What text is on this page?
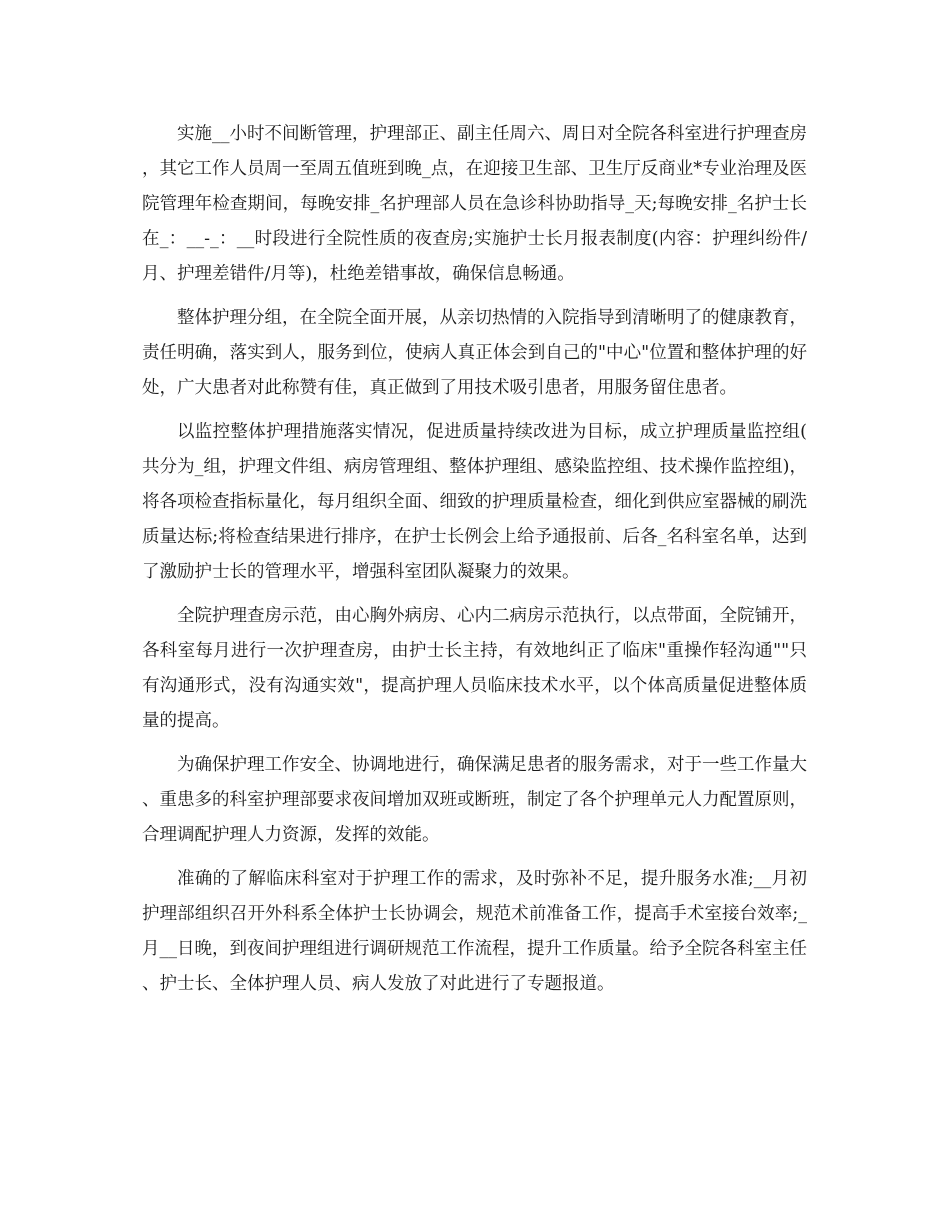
实施__小时不间断管理，护理部正、副主任周六、周日对全院各科室进行护理查房，其它工作人员周一至周五值班到晚_点，在迎接卫生部、卫生厅反商业*专业治理及医院管理年检查期间，每晚安排_名护理部人员在急诊科协助指导_天;每晚安排_名护士长在_：__-_：__时段进行全院性质的夜查房;实施护士长月报表制度(内容：护理纠纷件/月、护理差错件/月等)，杜绝差错事故，确保信息畅通。

整体护理分组，在全院全面开展，从亲切热情的入院指导到清晰明了的健康教育，责任明确，落实到人，服务到位，使病人真正体会到自己的"中心"位置和整体护理的好处，广大患者对此称赞有佳，真正做到了用技术吸引患者，用服务留住患者。

以监控整体护理措施落实情况，促进质量持续改进为目标，成立护理质量监控组(共分为_组，护理文件组、病房管理组、整体护理组、感染监控组、技术操作监控组)，将各项检查指标量化，每月组织全面、细致的护理质量检查，细化到供应室器械的刷洗质量达标;将检查结果进行排序，在护士长例会上给予通报前、后各_名科室名单，达到了激励护士长的管理水平，增强科室团队凝聚力的效果。

全院护理查房示范，由心胸外病房、心内二病房示范执行，以点带面，全院铺开，各科室每月进行一次护理查房，由护士长主持，有效地纠正了临床"重操作轻沟通""只有沟通形式，没有沟通实效"，提高护理人员临床技术水平，以个体高质量促进整体质量的提高。

为确保护理工作安全、协调地进行，确保满足患者的服务需求，对于一些工作量大、重患多的科室护理部要求夜间增加双班或断班，制定了各个护理单元人力配置原则，合理调配护理人力资源，发挥的效能。

准确的了解临床科室对于护理工作的需求，及时弥补不足，提升服务水准;__月初护理部组织召开外科系全体护士长协调会，规范术前准备工作，提高手术室接台效率;_月__日晚，到夜间护理组进行调研规范工作流程，提升工作质量。给予全院各科室主任、护士长、全体护理人员、病人发放了对此进行了专题报道。
